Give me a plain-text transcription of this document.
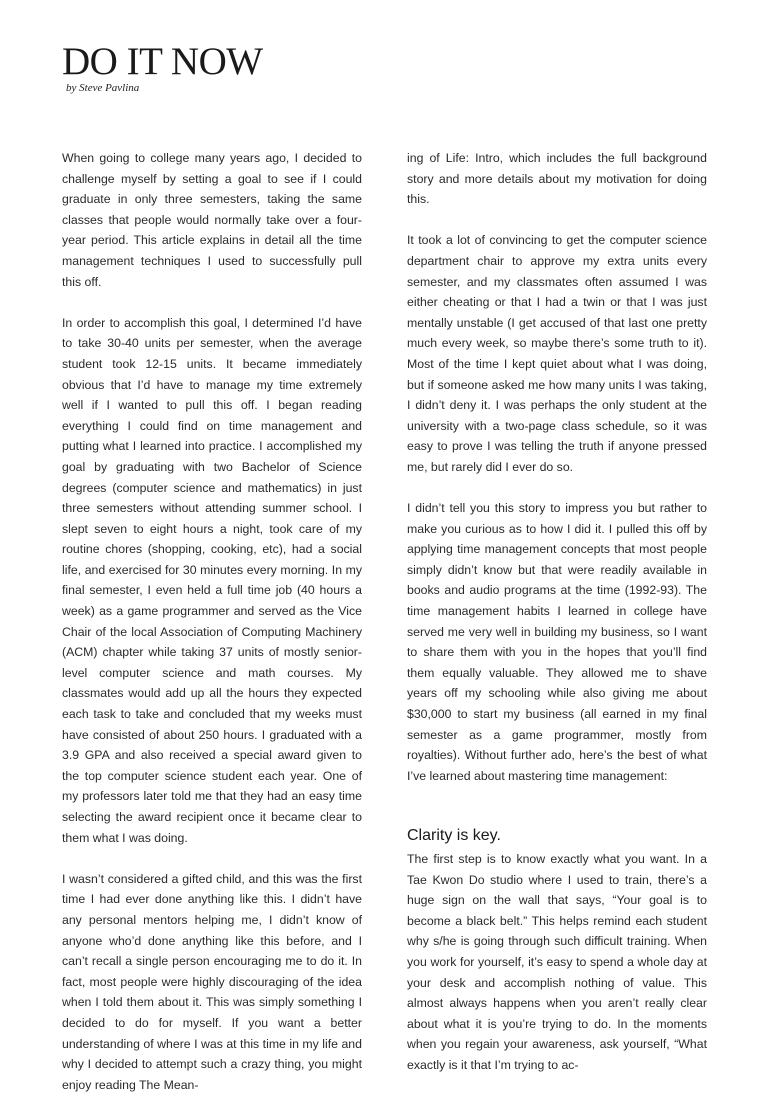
DO IT NOW
by Steve Pavlina

When going to college many years ago, I decided to challenge myself by setting a goal to see if I could graduate in only three semesters, taking the same classes that people would normally take over a four-year period. This article explains in detail all the time management techniques I used to successfully pull this off.

In order to accomplish this goal, I determined I’d have to take 30-40 units per semester, when the average student took 12-15 units. It became immediately obvious that I’d have to manage my time extremely well if I wanted to pull this off. I began reading everything I could find on time management and putting what I learned into practice. I accomplished my goal by graduating with two Bachelor of Science degrees (computer science and mathematics) in just three semesters without attending summer school. I slept seven to eight hours a night, took care of my routine chores (shopping, cooking, etc), had a social life, and exercised for 30 minutes every morning. In my final semester, I even held a full time job (40 hours a week) as a game programmer and served as the Vice Chair of the local Association of Computing Machinery (ACM) chapter while taking 37 units of mostly senior-level computer science and math courses. My classmates would add up all the hours they expected each task to take and concluded that my weeks must have consisted of about 250 hours. I graduated with a 3.9 GPA and also received a special award given to the top computer science student each year. One of my professors later told me that they had an easy time selecting the award recipient once it became clear to them what I was doing.

I wasn’t considered a gifted child, and this was the first time I had ever done anything like this. I didn’t have any personal mentors helping me, I didn’t know of anyone who’d done anything like this before, and I can’t recall a single person encouraging me to do it. In fact, most people were highly discouraging of the idea when I told them about it. This was simply something I decided to do for myself. If you want a better understanding of where I was at this time in my life and why I decided to attempt such a crazy thing, you might enjoy reading The Mean-

ing of Life: Intro, which includes the full background story and more details about my motivation for doing this.

It took a lot of convincing to get the computer science department chair to approve my extra units every semester, and my classmates often assumed I was either cheating or that I had a twin or that I was just mentally unstable (I get accused of that last one pretty much every week, so maybe there’s some truth to it). Most of the time I kept quiet about what I was doing, but if someone asked me how many units I was taking, I didn’t deny it. I was perhaps the only student at the university with a two-page class schedule, so it was easy to prove I was telling the truth if anyone pressed me, but rarely did I ever do so.

I didn’t tell you this story to impress you but rather to make you curious as to how I did it. I pulled this off by applying time management concepts that most people simply didn’t know but that were readily available in books and audio programs at the time (1992-93). The time management habits I learned in college have served me very well in building my business, so I want to share them with you in the hopes that you’ll find them equally valuable. They allowed me to shave years off my schooling while also giving me about $30,000 to start my business (all earned in my final semester as a game programmer, mostly from royalties). Without further ado, here’s the best of what I’ve learned about mastering time management:

Clarity is key.

The first step is to know exactly what you want. In a Tae Kwon Do studio where I used to train, there’s a huge sign on the wall that says, “Your goal is to become a black belt.” This helps remind each student why s/he is going through such difficult training. When you work for yourself, it’s easy to spend a whole day at your desk and accomplish nothing of value. This almost always happens when you aren’t really clear about what it is you’re trying to do. In the moments when you regain your awareness, ask yourself, “What exactly is it that I’m trying to ac-
